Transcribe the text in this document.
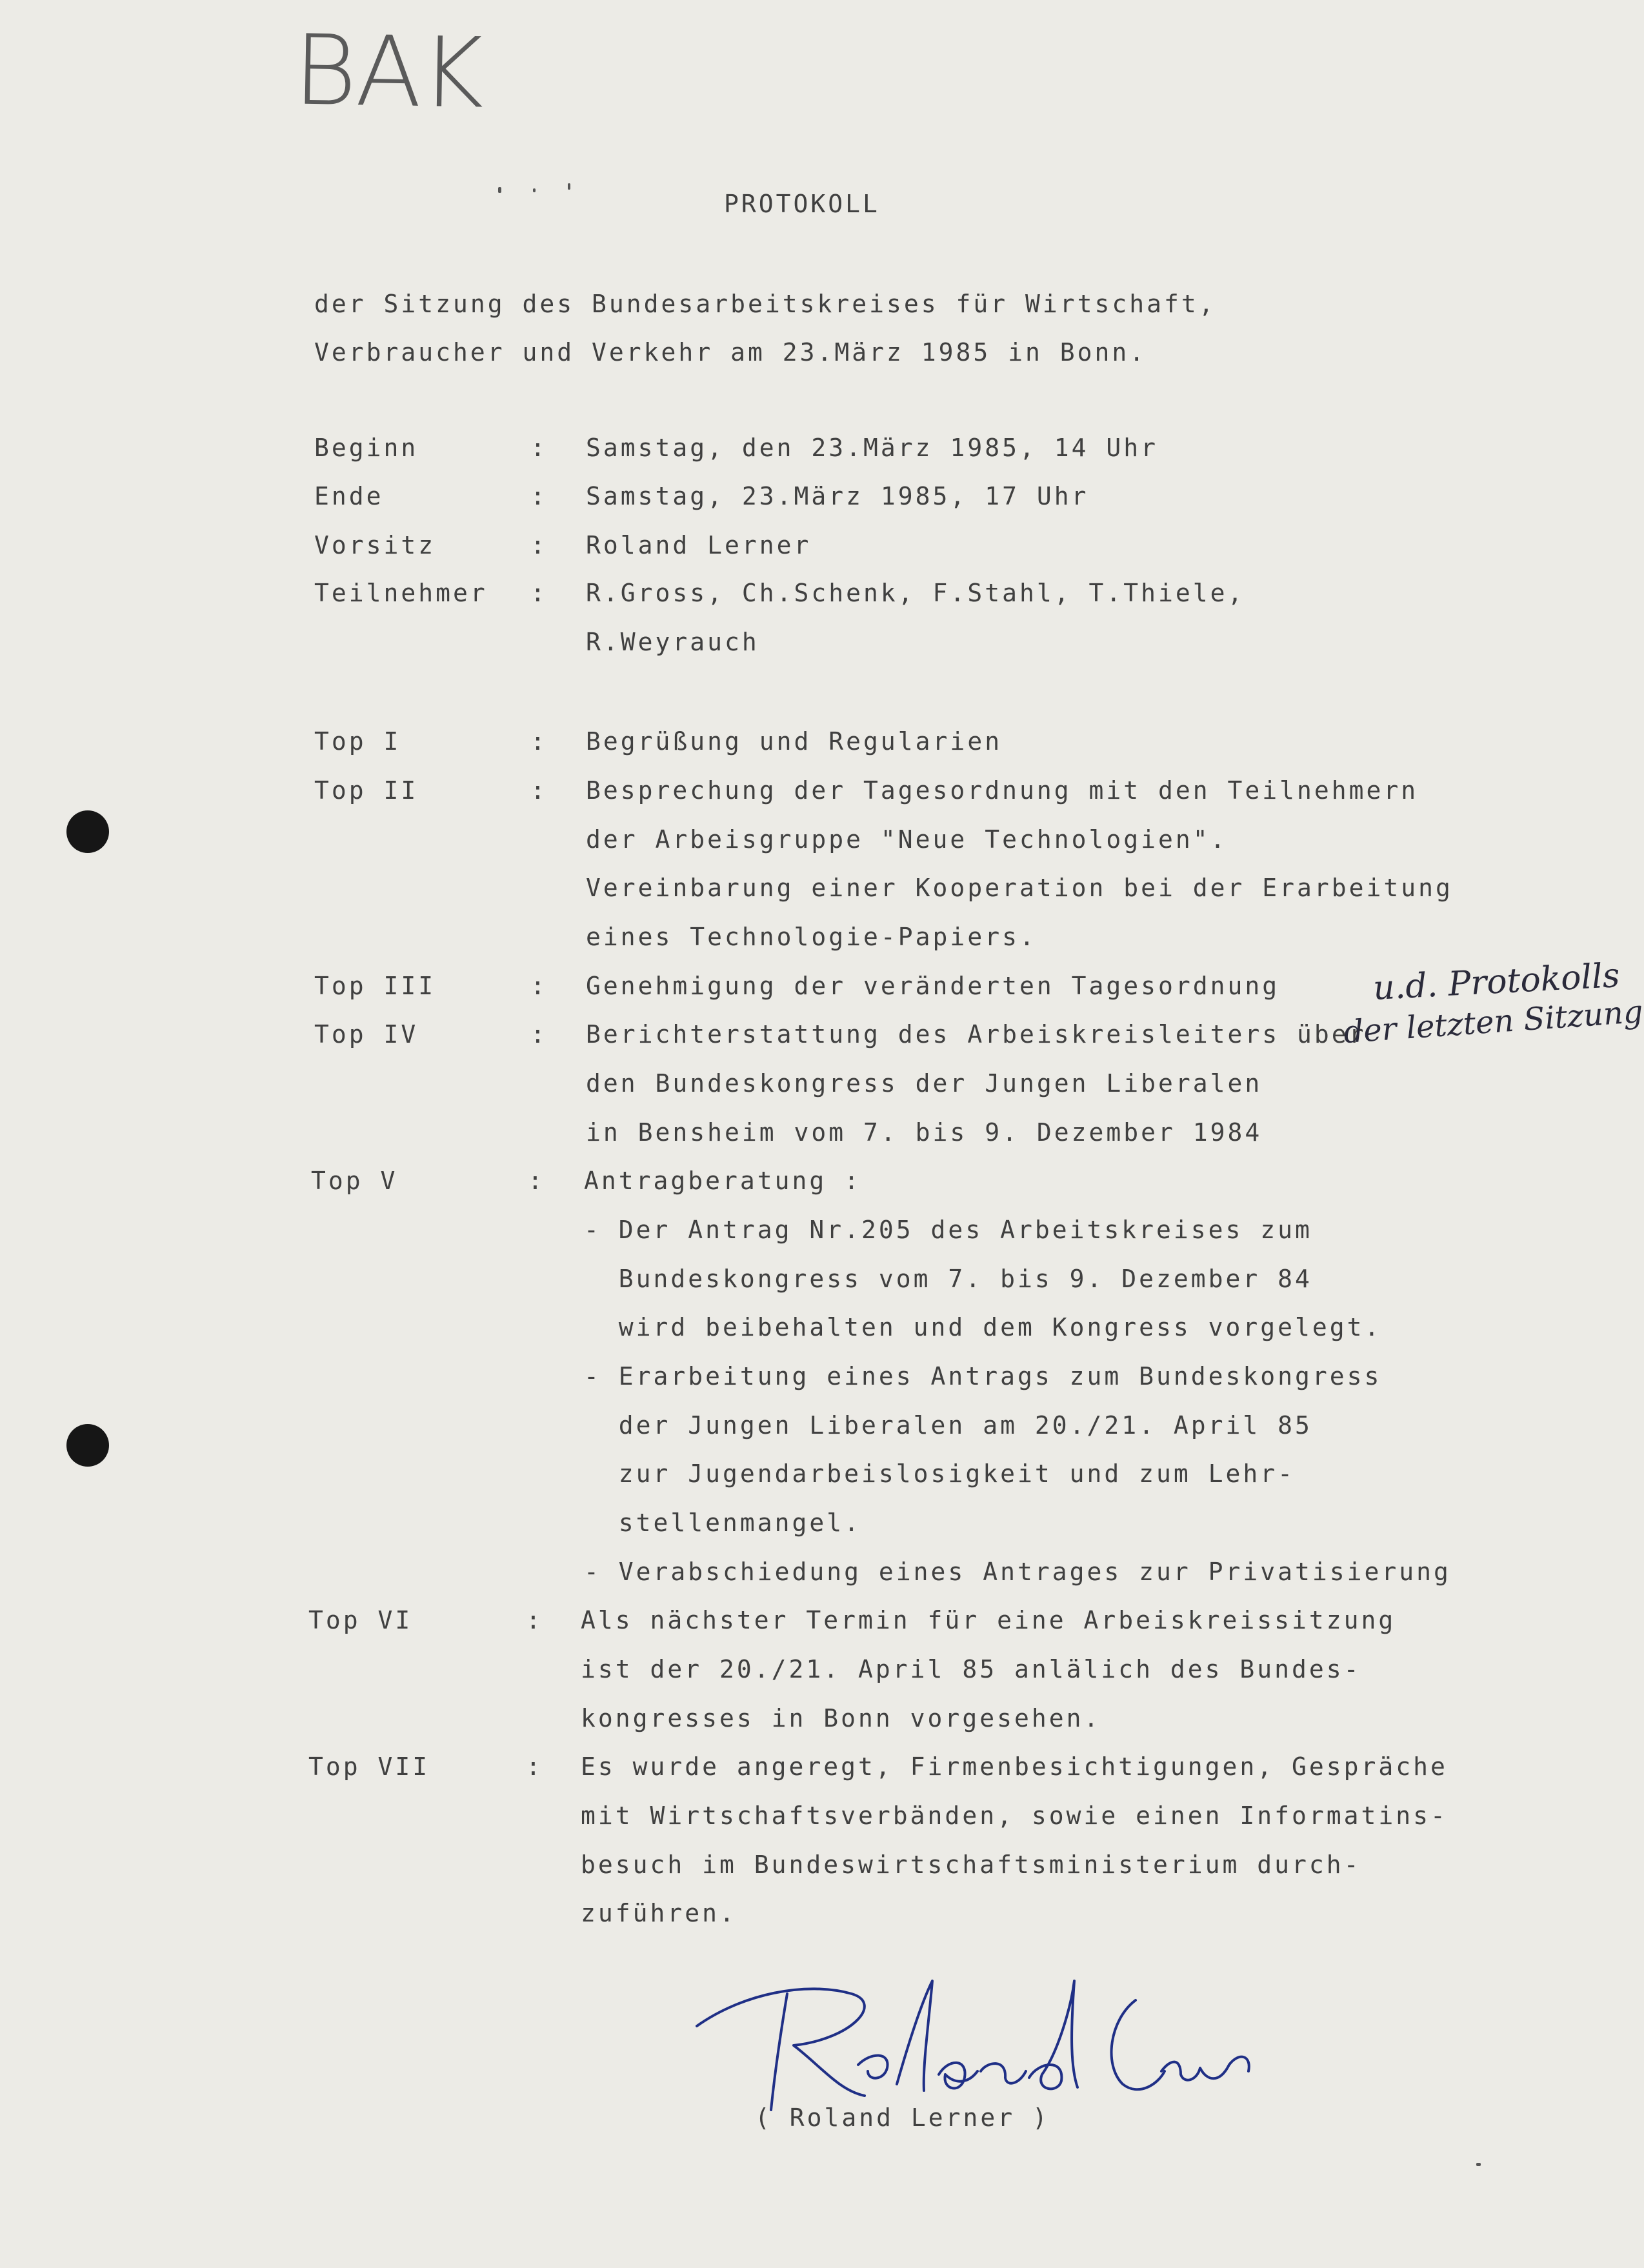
BAK
PROTOKOLL
der Sitzung des Bundesarbeitskreises für Wirtschaft,
Verbraucher und Verkehr am 23.März 1985 in Bonn.
Beginn	: Samstag, den 23.März 1985, 14 Uhr
Ende	: Samstag, 23.März 1985, 17 Uhr
Vorsitz	: Roland Lerner
Teilnehmer : R.Gross, Ch.Schenk, F.Stahl, T.Thiele,
R.Weyrauch
Top I	: Begrüßung und Regularien
Top II	: Besprechung der Tagesordnung mit den Teilnehmern
der Arbeisgruppe "Neue Technologien".
Vereinbarung einer Kooperation bei der Erarbeitung
eines Technologie-Papiers.
Top III	: Genehmigung der veränderten Tagesordnung
Top IV	: Berichterstattung des Arbeiskreisleiters über
den Bundeskongress der Jungen Liberalen
in Bensheim vom 7. bis 9. Dezember 1984
Top V	: Antragberatung :
- Der Antrag Nr.205 des Arbeitskreises zum
Bundeskongress vom 7. bis 9. Dezember 84
wird beibehalten und dem Kongress vorgelegt.
- Erarbeitung eines Antrags zum Bundeskongress
der Jungen Liberalen am 20./21. April 85
zur Jugendarbeislosigkeit und zum Lehr-
stellenmangel.
- Verabschiedung eines Antrages zur Privatisierung
Top VI	: Als nächster Termin für eine Arbeiskreissitzung
ist der 20./21. April 85 anlälich des Bundes-
kongresses in Bonn vorgesehen.
Top VII	: Es wurde angeregt, Firmenbesichtigungen, Gespräche
mit Wirtschaftsverbänden, sowie einen Informatins-
besuch im Bundeswirtschaftsministerium durch-
zuführen.
u.d. Protokolls
der letzten Sitzung
( Roland Lerner )
